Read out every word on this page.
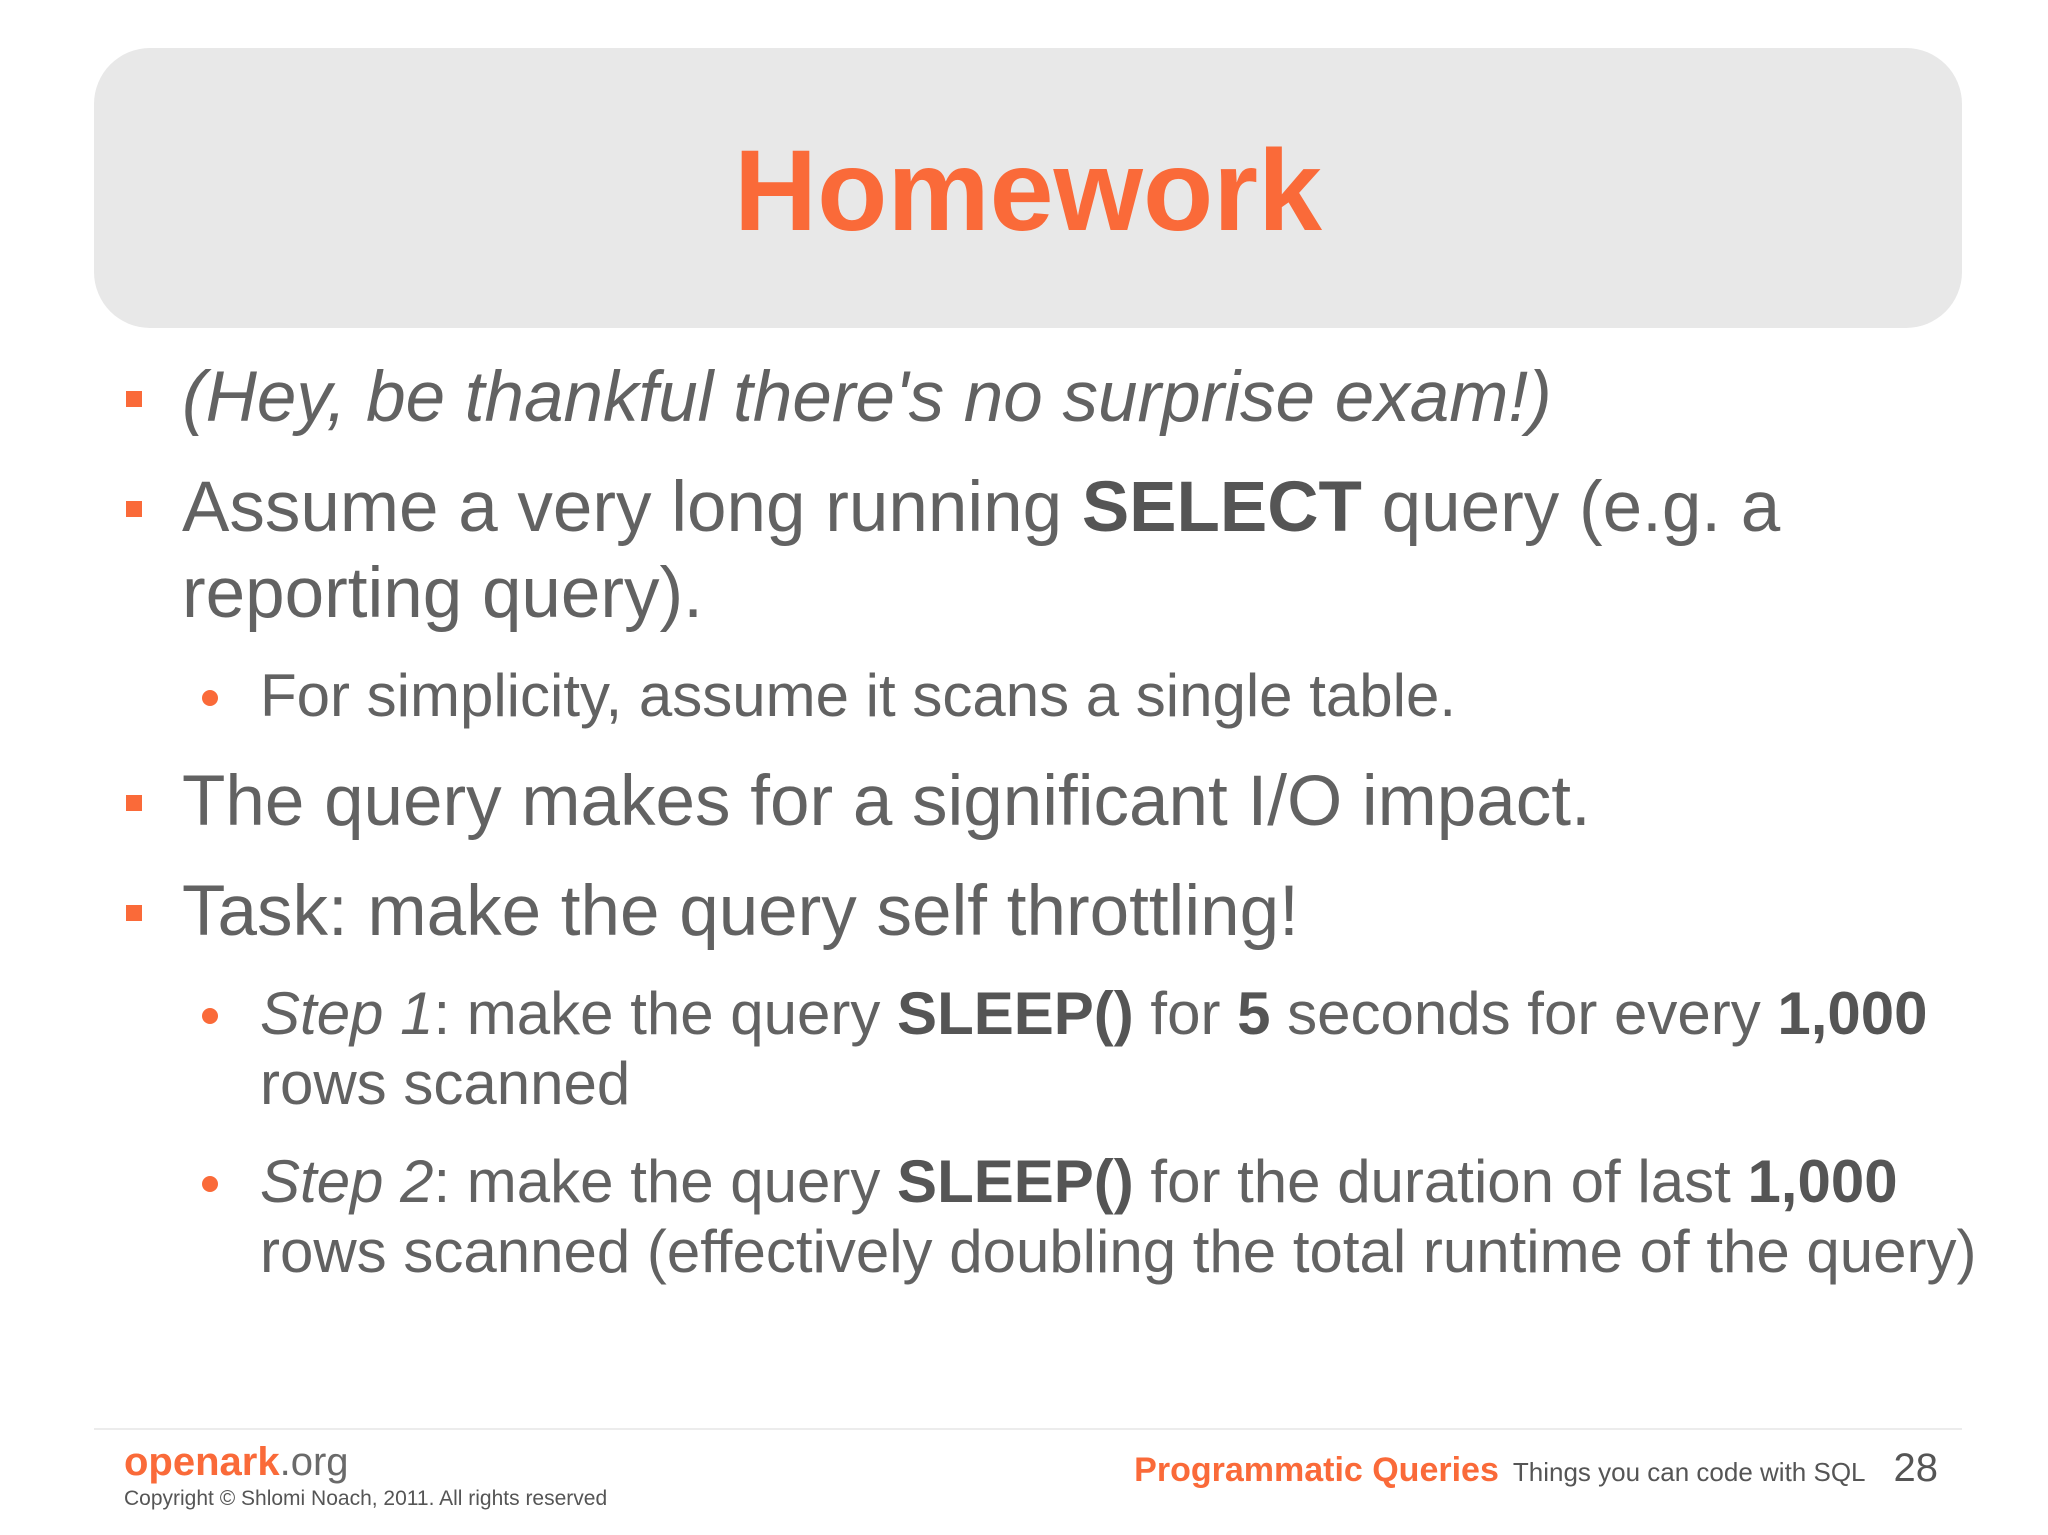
Homework
(Hey, be thankful there's no surprise exam!)
Assume a very long running SELECT query (e.g. a reporting query).
For simplicity, assume it scans a single table.
The query makes for a significant I/O impact.
Task: make the query self throttling!
Step 1: make the query SLEEP() for 5 seconds for every 1,000 rows scanned
Step 2: make the query SLEEP() for the duration of last 1,000 rows scanned (effectively doubling the total runtime of the query)
openark.org
Copyright © Shlomi Noach, 2011. All rights reserved
Programmatic Queries Things you can code with SQL 28
